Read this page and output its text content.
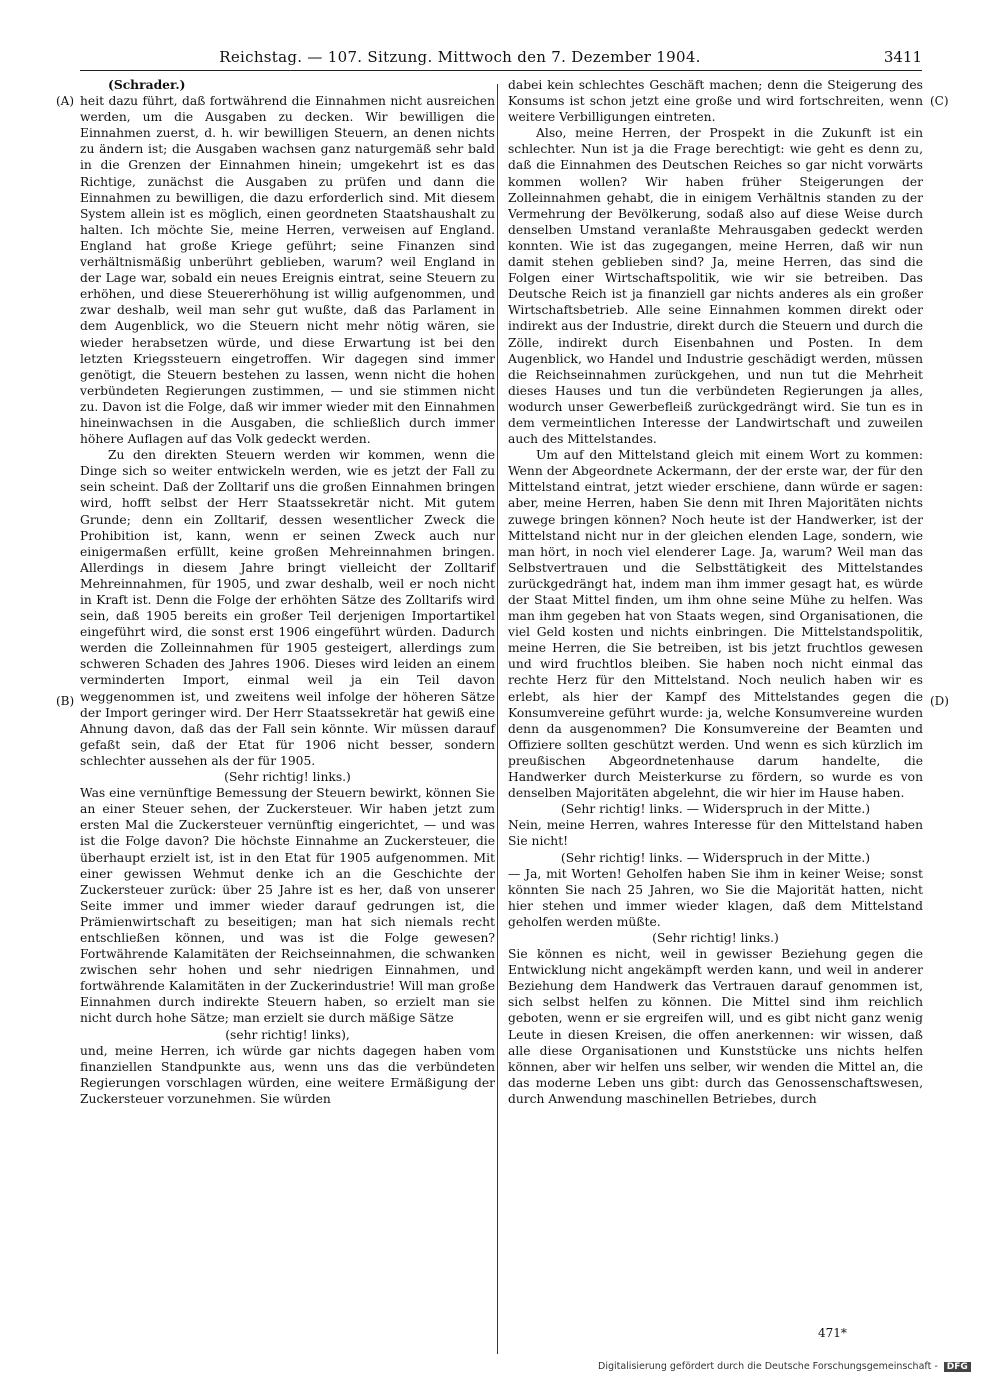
Reichstag. — 107. Sitzung. Mittwoch den 7. Dezember 1904.	3411
(A)
(B)
(C)
(D)

(Schrader.)

heit dazu führt, daß fortwährend die Einnahmen nicht ausreichen werden, um die Ausgaben zu decken. Wir bewilligen die Einnahmen zuerst, d. h. wir bewilligen Steuern, an denen nichts zu ändern ist; die Ausgaben wachsen ganz naturgemäß sehr bald in die Grenzen der Einnahmen hinein; umgekehrt ist es das Richtige, zunächst die Ausgaben zu prüfen und dann die Einnahmen zu bewilligen, die dazu erforderlich sind. Mit diesem System allein ist es möglich, einen geordneten Staatshaushalt zu halten. Ich möchte Sie, meine Herren, verweisen auf England. England hat große Kriege geführt; seine Finanzen sind verhältnismäßig unberührt geblieben, warum? weil England in der Lage war, sobald ein neues Ereignis eintrat, seine Steuern zu erhöhen, und diese Steuererhöhung ist willig aufgenommen, und zwar deshalb, weil man sehr gut wußte, daß das Parlament in dem Augenblick, wo die Steuern nicht mehr nötig wären, sie wieder herabsetzen würde, und diese Erwartung ist bei den letzten Kriegssteuern eingetroffen. Wir dagegen sind immer genötigt, die Steuern bestehen zu lassen, wenn nicht die hohen verbündeten Regierungen zustimmen, — und sie stimmen nicht zu. Davon ist die Folge, daß wir immer wieder mit den Einnahmen hineinwachsen in die Ausgaben, die schließlich durch immer höhere Auflagen auf das Volk gedeckt werden.

Zu den direkten Steuern werden wir kommen, wenn die Dinge sich so weiter entwickeln werden, wie es jetzt der Fall zu sein scheint. Daß der Zolltarif uns die großen Einnahmen bringen wird, hofft selbst der Herr Staatssekretär nicht. Mit gutem Grunde; denn ein Zolltarif, dessen wesentlicher Zweck die Prohibition ist, kann, wenn er seinen Zweck auch nur einigermaßen erfüllt, keine großen Mehreinnahmen bringen. Allerdings in diesem Jahre bringt vielleicht der Zolltarif Mehreinnahmen, für 1905, und zwar deshalb, weil er noch nicht in Kraft ist. Denn die Folge der erhöhten Sätze des Zolltarifs wird sein, daß 1905 bereits ein großer Teil derjenigen Importartikel eingeführt wird, die sonst erst 1906 eingeführt würden. Dadurch werden die Zolleinnahmen für 1905 gesteigert, allerdings zum schweren Schaden des Jahres 1906. Dieses wird leiden an einem verminderten Import, einmal weil ja ein Teil davon weggenommen ist, und zweitens weil infolge der höheren Sätze der Import geringer wird. Der Herr Staatssekretär hat gewiß eine Ahnung davon, daß das der Fall sein könnte. Wir müssen darauf gefaßt sein, daß der Etat für 1906 nicht besser, sondern schlechter aussehen als der für 1905.

(Sehr richtig! links.)

Was eine vernünftige Bemessung der Steuern bewirkt, können Sie an einer Steuer sehen, der Zuckersteuer. Wir haben jetzt zum ersten Mal die Zuckersteuer vernünftig eingerichtet, — und was ist die Folge davon? Die höchste Einnahme an Zuckersteuer, die überhaupt erzielt ist, ist in den Etat für 1905 aufgenommen. Mit einer gewissen Wehmut denke ich an die Geschichte der Zuckersteuer zurück: über 25 Jahre ist es her, daß von unserer Seite immer und immer wieder darauf gedrungen ist, die Prämienwirtschaft zu beseitigen; man hat sich niemals recht entschließen können, und was ist die Folge gewesen? Fortwährende Kalamitäten der Reichseinnahmen, die schwanken zwischen sehr hohen und sehr niedrigen Einnahmen, und fortwährende Kalamitäten in der Zuckerindustrie! Will man große Einnahmen durch indirekte Steuern haben, so erzielt man sie nicht durch hohe Sätze; man erzielt sie durch mäßige Sätze

(sehr richtig! links),

und, meine Herren, ich würde gar nichts dagegen haben vom finanziellen Standpunkte aus, wenn uns das die verbündeten Regierungen vorschlagen würden, eine weitere Ermäßigung der Zuckersteuer vorzunehmen. Sie würden

dabei kein schlechtes Geschäft machen; denn die Steigerung des Konsums ist schon jetzt eine große und wird fortschreiten, wenn weitere Verbilligungen eintreten.

Also, meine Herren, der Prospekt in die Zukunft ist ein schlechter. Nun ist ja die Frage berechtigt: wie geht es denn zu, daß die Einnahmen des Deutschen Reiches so gar nicht vorwärts kommen wollen? Wir haben früher Steigerungen der Zolleinnahmen gehabt, die in einigem Verhältnis standen zu der Vermehrung der Bevölkerung, sodaß also auf diese Weise durch denselben Umstand veranlaßte Mehrausgaben gedeckt werden konnten. Wie ist das zugegangen, meine Herren, daß wir nun damit stehen geblieben sind? Ja, meine Herren, das sind die Folgen einer Wirtschaftspolitik, wie wir sie betreiben. Das Deutsche Reich ist ja finanziell gar nichts anderes als ein großer Wirtschaftsbetrieb. Alle seine Einnahmen kommen direkt oder indirekt aus der Industrie, direkt durch die Steuern und durch die Zölle, indirekt durch Eisenbahnen und Posten. In dem Augenblick, wo Handel und Industrie geschädigt werden, müssen die Reichseinnahmen zurückgehen, und nun tut die Mehrheit dieses Hauses und tun die verbündeten Regierungen ja alles, wodurch unser Gewerbefleiß zurückgedrängt wird. Sie tun es in dem vermeintlichen Interesse der Landwirtschaft und zuweilen auch des Mittelstandes.

Um auf den Mittelstand gleich mit einem Wort zu kommen: Wenn der Abgeordnete Ackermann, der der erste war, der für den Mittelstand eintrat, jetzt wieder erschiene, dann würde er sagen: aber, meine Herren, haben Sie denn mit Ihren Majoritäten nichts zuwege bringen können? Noch heute ist der Handwerker, ist der Mittelstand nicht nur in der gleichen elenden Lage, sondern, wie man hört, in noch viel elenderer Lage. Ja, warum? Weil man das Selbstvertrauen und die Selbsttätigkeit des Mittelstandes zurückgedrängt hat, indem man ihm immer gesagt hat, es würde der Staat Mittel finden, um ihm ohne seine Mühe zu helfen. Was man ihm gegeben hat von Staats wegen, sind Organisationen, die viel Geld kosten und nichts einbringen. Die Mittelstandspolitik, meine Herren, die Sie betreiben, ist bis jetzt fruchtlos gewesen und wird fruchtlos bleiben. Sie haben noch nicht einmal das rechte Herz für den Mittelstand. Noch neulich haben wir es erlebt, als hier der Kampf des Mittelstandes gegen die Konsumvereine geführt wurde: ja, welche Konsumvereine wurden denn da ausgenommen? Die Konsumvereine der Beamten und Offiziere sollten geschützt werden. Und wenn es sich kürzlich im preußischen Abgeordnetenhause darum handelte, die Handwerker durch Meisterkurse zu fördern, so wurde es von denselben Majoritäten abgelehnt, die wir hier im Hause haben.

(Sehr richtig! links. — Widerspruch in der Mitte.)

Nein, meine Herren, wahres Interesse für den Mittelstand haben Sie nicht!

(Sehr richtig! links. — Widerspruch in der Mitte.)

— Ja, mit Worten! Geholfen haben Sie ihm in keiner Weise; sonst könnten Sie nach 25 Jahren, wo Sie die Majorität hatten, nicht hier stehen und immer wieder klagen, daß dem Mittelstand geholfen werden müßte.

(Sehr richtig! links.)

Sie können es nicht, weil in gewisser Beziehung gegen die Entwicklung nicht angekämpft werden kann, und weil in anderer Beziehung dem Handwerk das Vertrauen darauf genommen ist, sich selbst helfen zu können. Die Mittel sind ihm reichlich geboten, wenn er sie ergreifen will, und es gibt nicht ganz wenig Leute in diesen Kreisen, die offen anerkennen: wir wissen, daß alle diese Organisationen und Kunststücke uns nichts helfen können, aber wir helfen uns selber, wir wenden die Mittel an, die das moderne Leben uns gibt: durch das Genossenschaftswesen, durch Anwendung maschinellen Betriebes, durch

471*
Digitalisierung gefördert durch die Deutsche Forschungsgemeinschaft - DFG
